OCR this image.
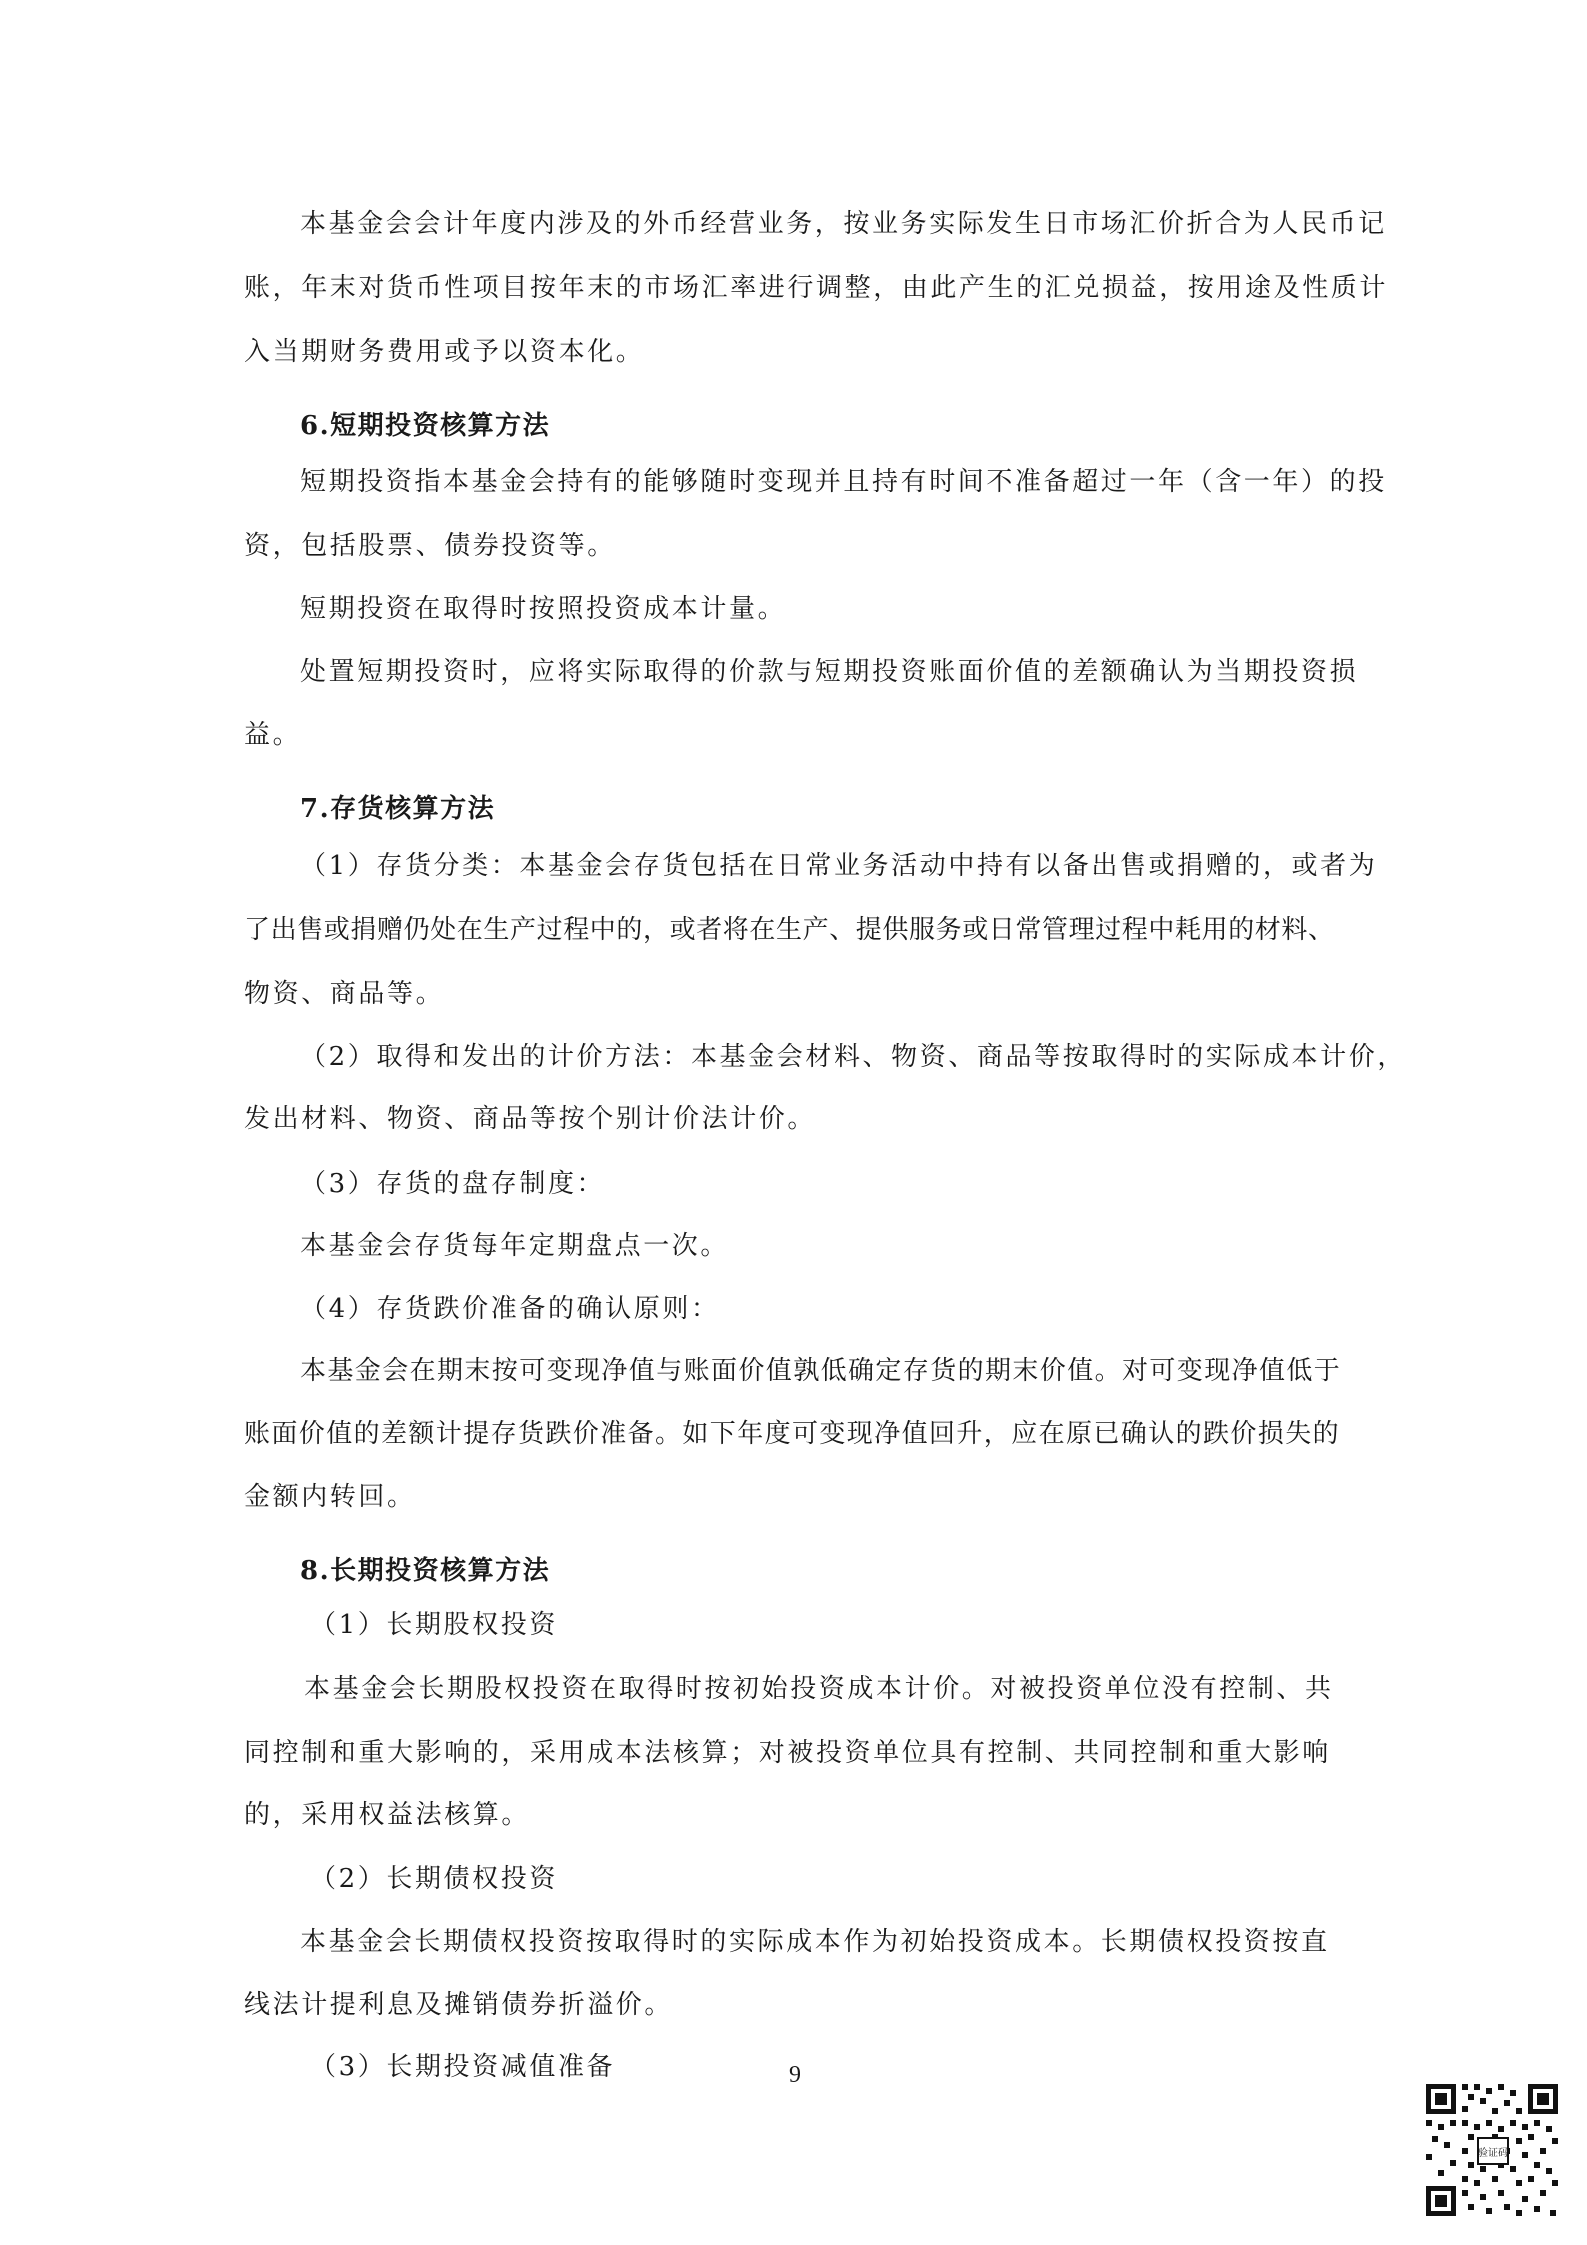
本基金会会计年度内涉及的外币经营业务，按业务实际发生日市场汇价折合为人民币记
账，年末对货币性项目按年末的市场汇率进行调整，由此产生的汇兑损益，按用途及性质计
入当期财务费用或予以资本化。
6.短期投资核算方法
短期投资指本基金会持有的能够随时变现并且持有时间不准备超过一年（含一年）的投
资，包括股票、债券投资等。
短期投资在取得时按照投资成本计量。
处置短期投资时，应将实际取得的价款与短期投资账面价值的差额确认为当期投资损
益。
7.存货核算方法
（1）存货分类：本基金会存货包括在日常业务活动中持有以备出售或捐赠的，或者为
了出售或捐赠仍处在生产过程中的，或者将在生产、提供服务或日常管理过程中耗用的材料、
物资、商品等。
（2）取得和发出的计价方法：本基金会材料、物资、商品等按取得时的实际成本计价，
发出材料、物资、商品等按个别计价法计价。
（3）存货的盘存制度：
本基金会存货每年定期盘点一次。
（4）存货跌价准备的确认原则：
本基金会在期末按可变现净值与账面价值孰低确定存货的期末价值。对可变现净值低于
账面价值的差额计提存货跌价准备。如下年度可变现净值回升，应在原已确认的跌价损失的
金额内转回。
8.长期投资核算方法
（1）长期股权投资
本基金会长期股权投资在取得时按初始投资成本计价。对被投资单位没有控制、共
同控制和重大影响的，采用成本法核算；对被投资单位具有控制、共同控制和重大影响
的，采用权益法核算。
（2）长期债权投资
本基金会长期债权投资按取得时的实际成本作为初始投资成本。长期债权投资按直
线法计提利息及摊销债券折溢价。
（3）长期投资减值准备	9
验证码
